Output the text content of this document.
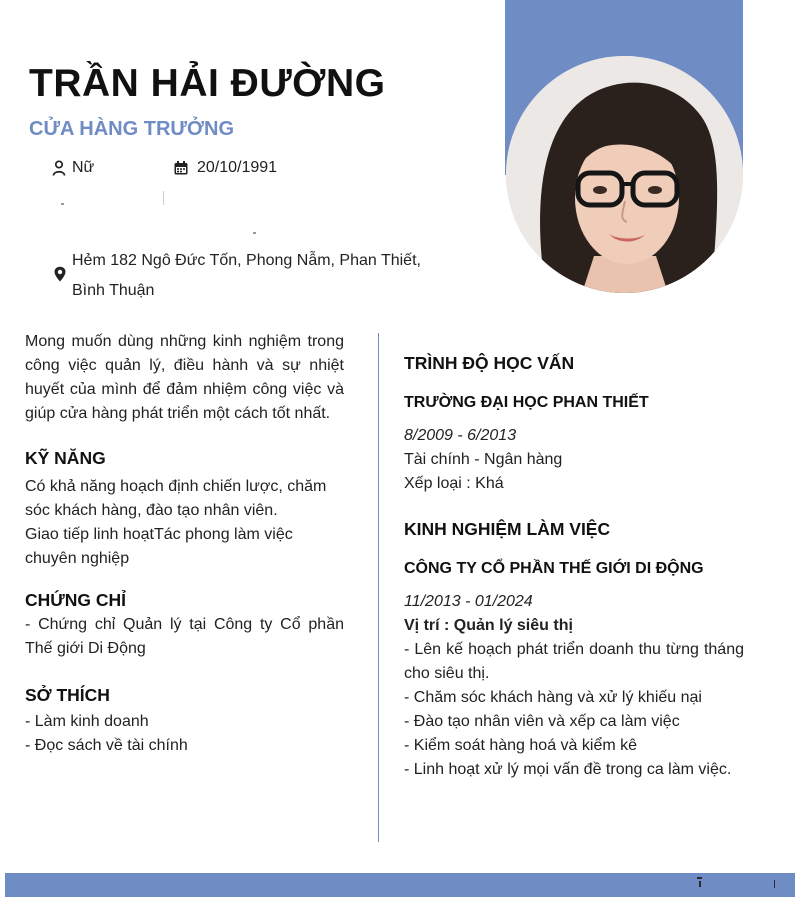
TRẦN HẢI ĐƯỜNG
CỬA HÀNG TRƯỞNG
Nữ	20/10/1991

Hẻm 182 Ngô Đức Tốn, Phong Nẫm, Phan Thiết, Bình Thuận

Mong muốn dùng những kinh nghiệm trong công việc quản lý, điều hành và sự nhiệt huyết của mình để đảm nhiệm công việc và giúp cửa hàng phát triển một cách tốt nhất.

KỸ NĂNG

Có khả năng hoạch định chiến lược, chăm sóc khách hàng, đào tạo nhân viên.

Giao tiếp linh hoạtTác phong làm việc chuyên nghiệp

CHỨNG CHỈ

- Chứng chỉ Quản lý tại Công ty Cổ phần Thế giới Di Động

SỞ THÍCH

- Làm kinh doanh

- Đọc sách về tài chính

TRÌNH ĐỘ HỌC VẤN
TRƯỜNG ĐẠI HỌC PHAN THIẾT

8/2009 - 6/2013

Tài chính - Ngân hàng

Xếp loại : Khá

KINH NGHIỆM LÀM VIỆC
CÔNG TY CỔ PHẦN THẾ GIỚI DI ĐỘNG

11/2013 - 01/2024

Vị trí : Quản lý siêu thị

- Lên kế hoạch phát triển doanh thu từng tháng cho siêu thị.

- Chăm sóc khách hàng và xử lý khiếu nại

- Đào tạo nhân viên và xếp ca làm việc

- Kiểm soát hàng hoá và kiểm kê

- Linh hoạt xử lý mọi vấn đề trong ca làm việc.
